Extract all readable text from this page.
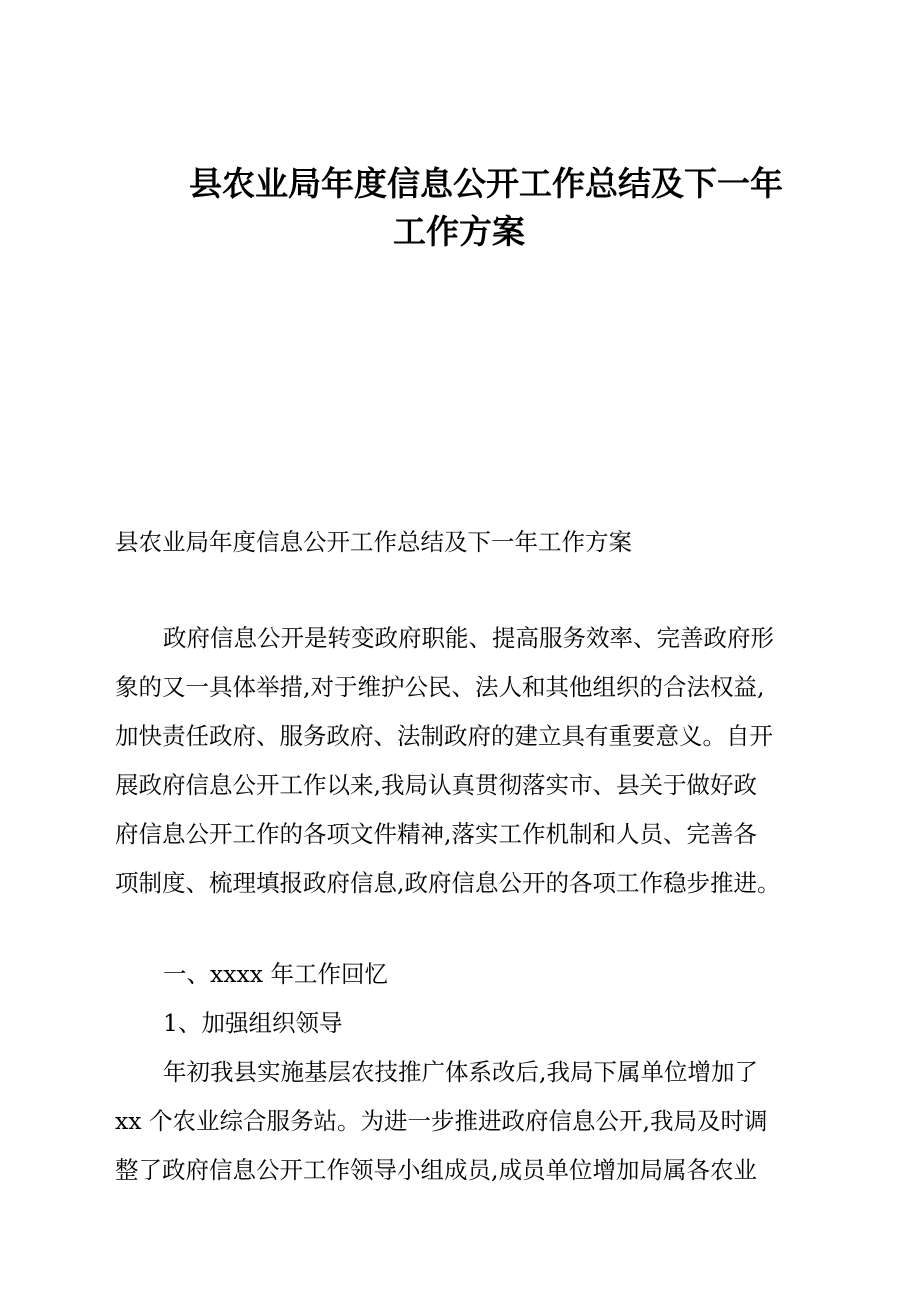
县农业局年度信息公开工作总结及下一年
工作方案

县农业局年度信息公开工作总结及下一年工作方案

政府信息公开是转变政府职能、提高服务效率、完善政府形
象的又一具体举措,对于维护公民、法人和其他组织的合法权益,
加快责任政府、服务政府、法制政府的建立具有重要意义。自开
展政府信息公开工作以来,我局认真贯彻落实市、县关于做好政
府信息公开工作的各项文件精神,落实工作机制和人员、完善各
项制度、梳理填报政府信息,政府信息公开的各项工作稳步推进。

一、xxxx 年工作回忆

1、加强组织领导

年初我县实施基层农技推广体系改后,我局下属单位增加了
xx 个农业综合服务站。为进一步推进政府信息公开,我局及时调
整了政府信息公开工作领导小组成员,成员单位增加局属各农业
